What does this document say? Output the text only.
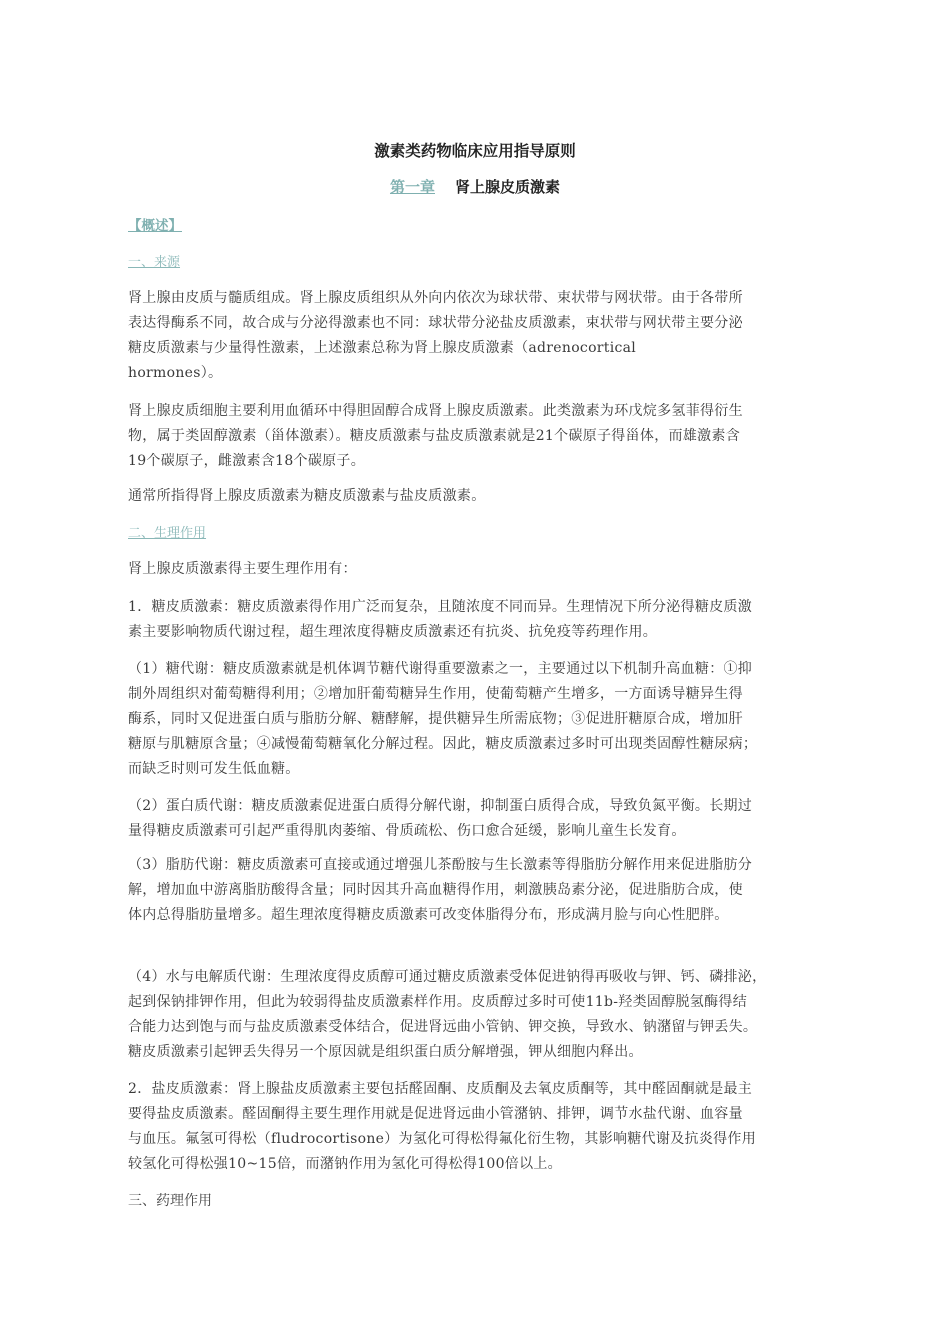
激素类药物临床应用指导原则
第一章 肾上腺皮质激素
【概述】
一、来源
肾上腺由皮质与髓质组成。肾上腺皮质组织从外向内依次为球状带、束状带与网状带。由于各带所
表达得酶系不同，故合成与分泌得激素也不同：球状带分泌盐皮质激素，束状带与网状带主要分泌
糖皮质激素与少量得性激素，上述激素总称为肾上腺皮质激素（adrenocortical
hormones）。
肾上腺皮质细胞主要利用血循环中得胆固醇合成肾上腺皮质激素。此类激素为环戊烷多氢菲得衍生
物，属于类固醇激素（甾体激素）。糖皮质激素与盐皮质激素就是21个碳原子得甾体，而雄激素含
19个碳原子，雌激素含18个碳原子。
通常所指得肾上腺皮质激素为糖皮质激素与盐皮质激素。
二、生理作用
肾上腺皮质激素得主要生理作用有：
1．糖皮质激素：糖皮质激素得作用广泛而复杂，且随浓度不同而异。生理情况下所分泌得糖皮质激
素主要影响物质代谢过程，超生理浓度得糖皮质激素还有抗炎、抗免疫等药理作用。
（1）糖代谢：糖皮质激素就是机体调节糖代谢得重要激素之一，主要通过以下机制升高血糖：①抑
制外周组织对葡萄糖得利用；②增加肝葡萄糖异生作用，使葡萄糖产生增多，一方面诱导糖异生得
酶系，同时又促进蛋白质与脂肪分解、糖酵解，提供糖异生所需底物；③促进肝糖原合成，增加肝
糖原与肌糖原含量；④减慢葡萄糖氧化分解过程。因此，糖皮质激素过多时可出现类固醇性糖尿病；
而缺乏时则可发生低血糖。
（2）蛋白质代谢：糖皮质激素促进蛋白质得分解代谢，抑制蛋白质得合成，导致负氮平衡。长期过
量得糖皮质激素可引起严重得肌肉萎缩、骨质疏松、伤口愈合延缓，影响儿童生长发育。
（3）脂肪代谢：糖皮质激素可直接或通过增强儿茶酚胺与生长激素等得脂肪分解作用来促进脂肪分
解，增加血中游离脂肪酸得含量；同时因其升高血糖得作用，刺激胰岛素分泌，促进脂肪合成，使
体内总得脂肪量增多。超生理浓度得糖皮质激素可改变体脂得分布，形成满月脸与向心性肥胖。
（4）水与电解质代谢：生理浓度得皮质醇可通过糖皮质激素受体促进钠得再吸收与钾、钙、磷排泌，
起到保钠排钾作用，但此为较弱得盐皮质激素样作用。皮质醇过多时可使11b-羟类固醇脱氢酶得结
合能力达到饱与而与盐皮质激素受体结合，促进肾远曲小管钠、钾交换，导致水、钠潴留与钾丢失。
糖皮质激素引起钾丢失得另一个原因就是组织蛋白质分解增强，钾从细胞内释出。
2．盐皮质激素：肾上腺盐皮质激素主要包括醛固酮、皮质酮及去氧皮质酮等，其中醛固酮就是最主
要得盐皮质激素。醛固酮得主要生理作用就是促进肾远曲小管潴钠、排钾，调节水盐代谢、血容量
与血压。氟氢可得松（fludrocortisone）为氢化可得松得氟化衍生物，其影响糖代谢及抗炎得作用
较氢化可得松强10~15倍，而潴钠作用为氢化可得松得100倍以上。
三、药理作用
